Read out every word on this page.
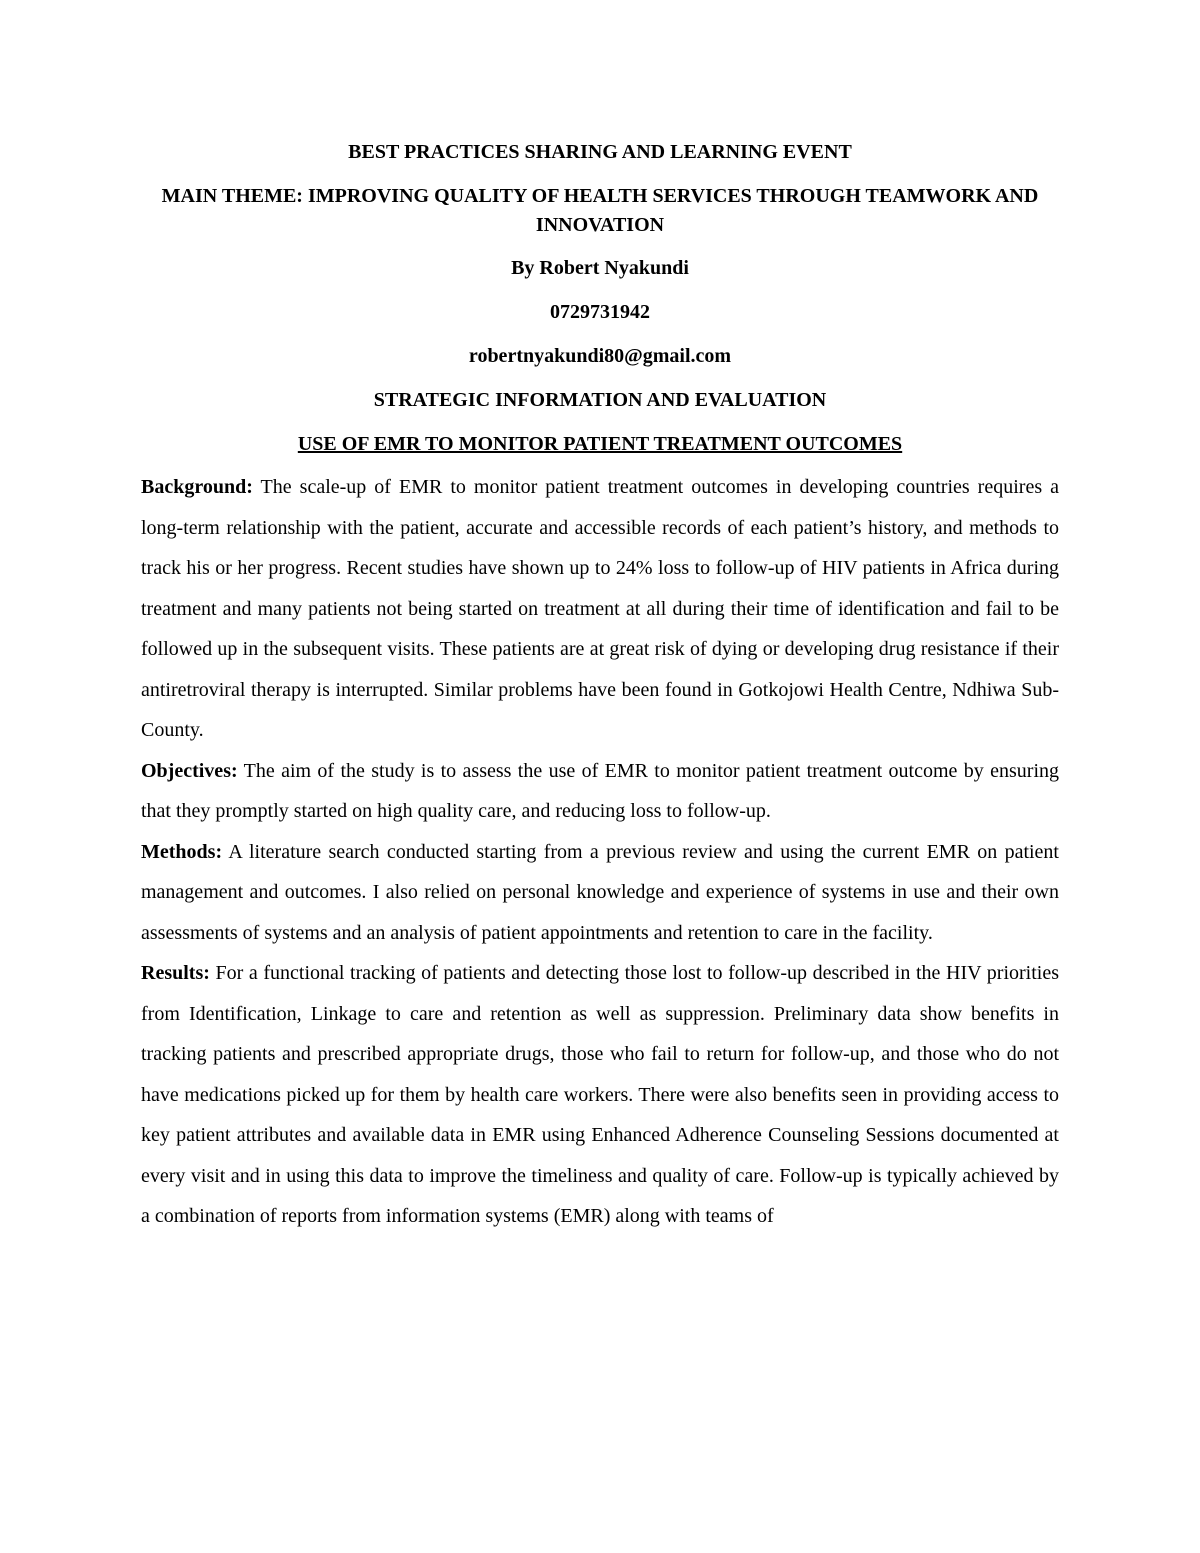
BEST PRACTICES SHARING AND LEARNING EVENT
MAIN THEME: IMPROVING QUALITY OF HEALTH SERVICES THROUGH TEAMWORK AND INNOVATION
By Robert Nyakundi
0729731942
robertnyakundi80@gmail.com
STRATEGIC INFORMATION AND EVALUATION
USE OF EMR TO MONITOR PATIENT TREATMENT OUTCOMES

Background: The scale-up of EMR to monitor patient treatment outcomes in developing countries requires a long-term relationship with the patient, accurate and accessible records of each patient’s history, and methods to track his or her progress. Recent studies have shown up to 24% loss to follow-up of HIV patients in Africa during treatment and many patients not being started on treatment at all during their time of identification and fail to be followed up in the subsequent visits. These patients are at great risk of dying or developing drug resistance if their antiretroviral therapy is interrupted. Similar problems have been found in Gotkojowi Health Centre, Ndhiwa Sub-County.

Objectives: The aim of the study is to assess the use of EMR to monitor patient treatment outcome by ensuring that they promptly started on high quality care, and reducing loss to follow-up.

Methods: A literature search conducted starting from a previous review and using the current EMR on patient management and outcomes. I also relied on personal knowledge and experience of systems in use and their own assessments of systems and an analysis of patient appointments and retention to care in the facility.

Results: For a functional tracking of patients and detecting those lost to follow-up described in the HIV priorities from Identification, Linkage to care and retention as well as suppression. Preliminary data show benefits in tracking patients and prescribed appropriate drugs, those who fail to return for follow-up, and those who do not have medications picked up for them by health care workers. There were also benefits seen in providing access to key patient attributes and available data in EMR using Enhanced Adherence Counseling Sessions documented at every visit and in using this data to improve the timeliness and quality of care. Follow-up is typically achieved by a combination of reports from information systems (EMR) along with teams of
